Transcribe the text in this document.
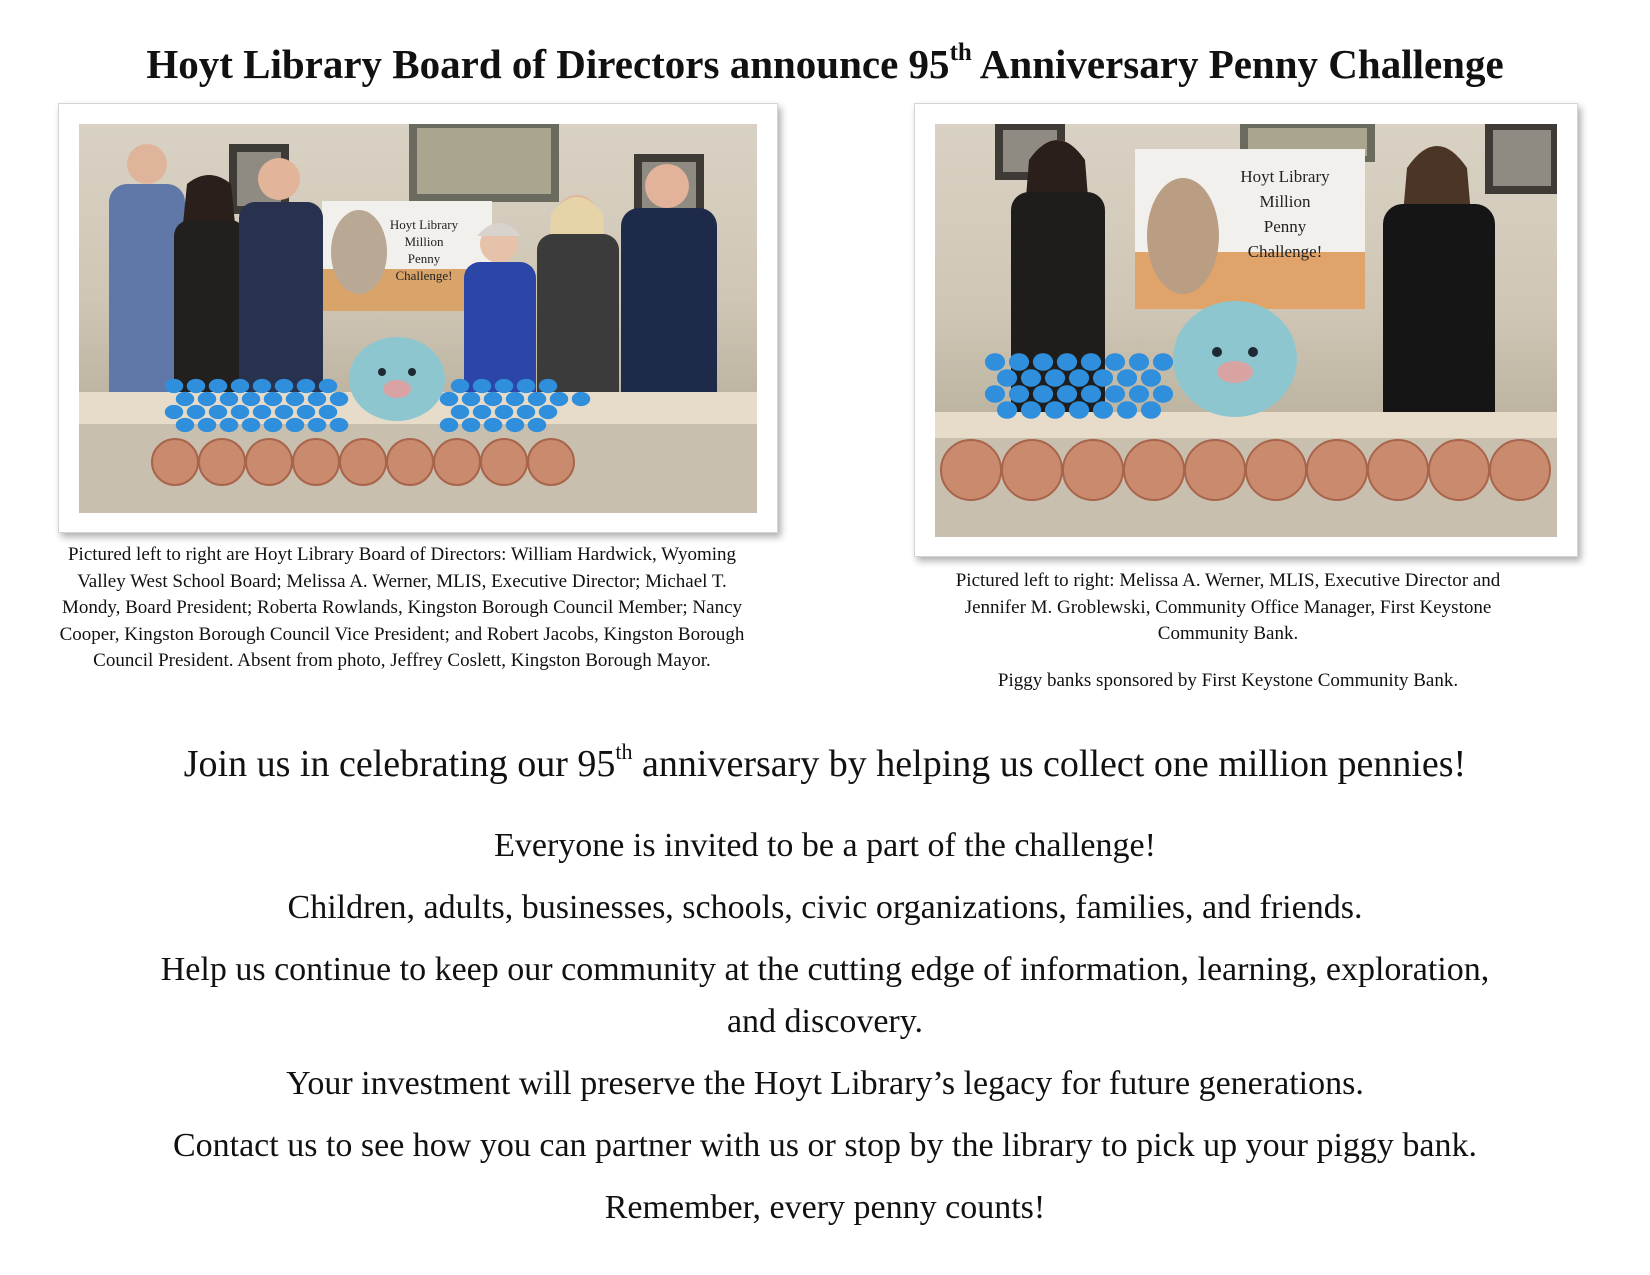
Hoyt Library Board of Directors announce 95th Anniversary Penny Challenge
Hoyt Library
Million
Penny
Challenge!
Pictured left to right are Hoyt Library Board of Directors: William Hardwick, Wyoming Valley West School Board; Melissa A. Werner, MLIS, Executive Director; Michael T. Mondy, Board President; Roberta Rowlands, Kingston Borough Council Member; Nancy Cooper, Kingston Borough Council Vice President; and Robert Jacobs, Kingston Borough Council President. Absent from photo, Jeffrey Coslett, Kingston Borough Mayor.
Hoyt Library
Million
Penny
Challenge!
Pictured left to right: Melissa A. Werner, MLIS, Executive Director and Jennifer M. Groblewski, Community Office Manager, First Keystone Community Bank.
Piggy banks sponsored by First Keystone Community Bank.
Join us in celebrating our 95th anniversary by helping us collect one million pennies!
Everyone is invited to be a part of the challenge!
Children, adults, businesses, schools, civic organizations, families, and friends.
Help us continue to keep our community at the cutting edge of information, learning, exploration,
and discovery.
Your investment will preserve the Hoyt Library’s legacy for future generations.
Contact us to see how you can partner with us or stop by the library to pick up your piggy bank.
Remember, every penny counts!
